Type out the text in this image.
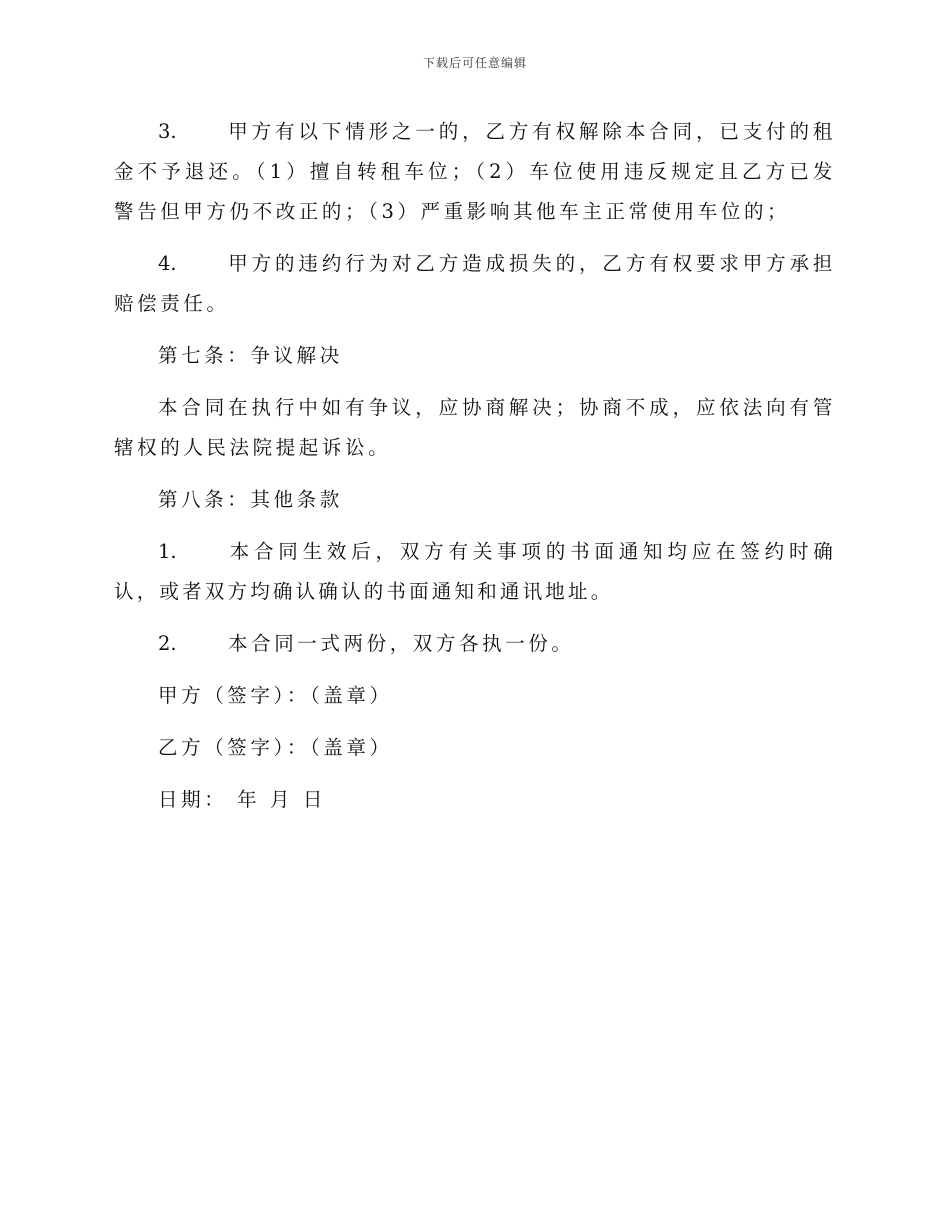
下载后可任意编辑

3.	甲方有以下情形之一的，乙方有权解除本合同，已支付的租金不予退还。（1）擅自转租车位；（2）车位使用违反规定且乙方已发警告但甲方仍不改正的；（3）严重影响其他车主正常使用车位的；

4.	甲方的违约行为对乙方造成损失的，乙方有权要求甲方承担赔偿责任。

第七条：争议解决

本合同在执行中如有争议，应协商解决；协商不成，应依法向有管辖权的人民法院提起诉讼。

第八条：其他条款

1.	本合同生效后，双方有关事项的书面通知均应在签约时确认，或者双方均确认确认的书面通知和通讯地址。

2.	本合同一式两份，双方各执一份。

甲方（签字）：（盖章）

乙方（签字）：（盖章）

日期： 年 月 日
